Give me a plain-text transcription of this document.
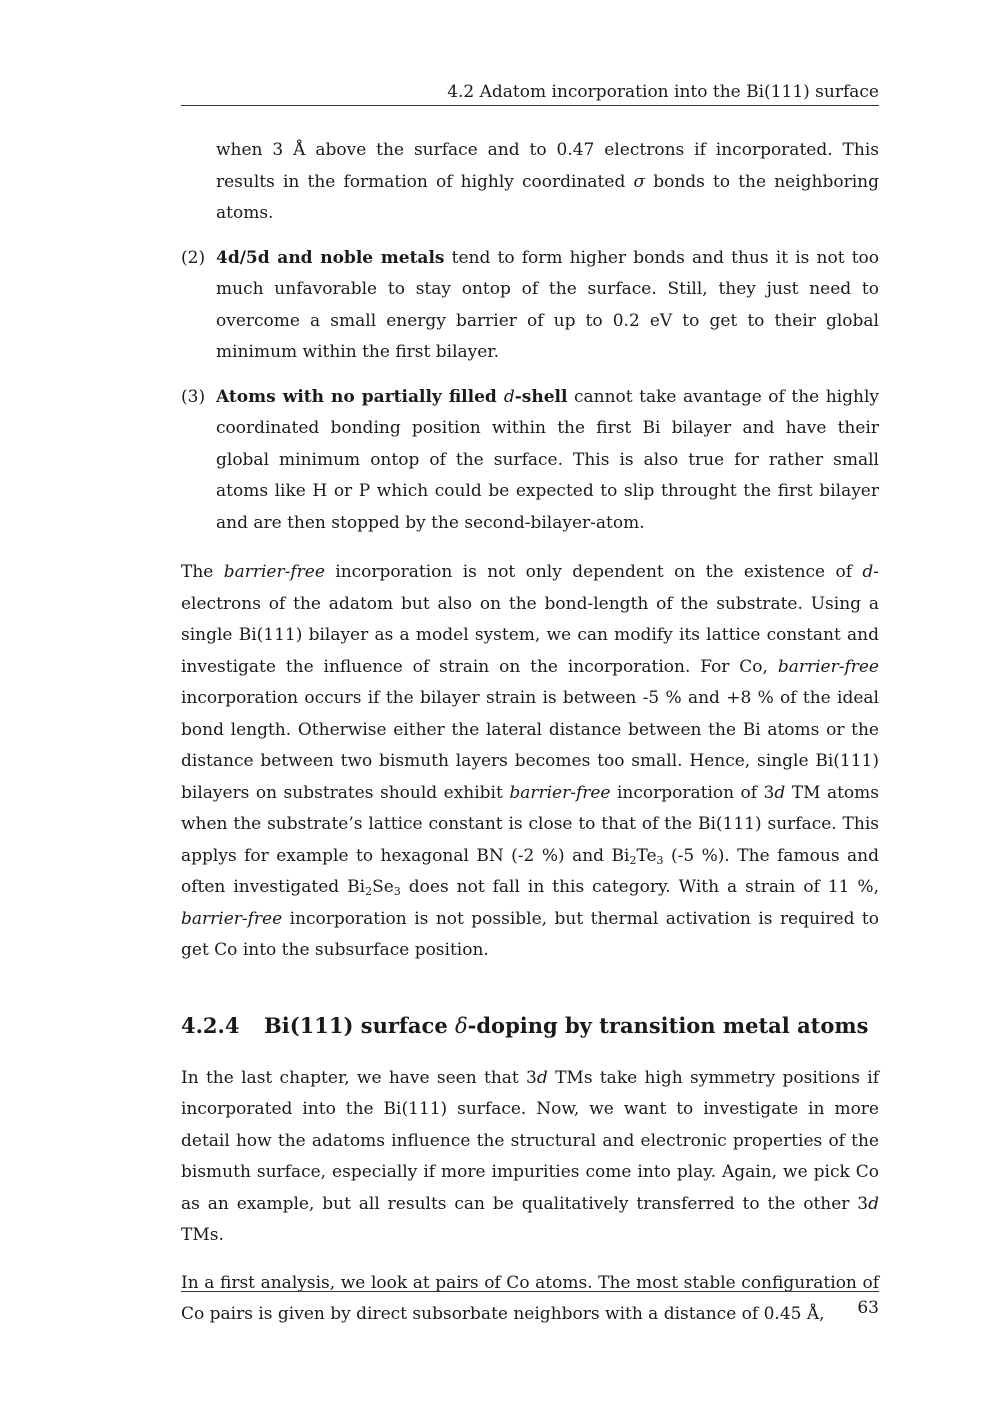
4.2 Adatom incorporation into the Bi(111) surface

when 3 Å above the surface and to 0.47 electrons if incorporated. This results in the formation of highly coordinated σ bonds to the neighboring atoms.

(2) 4d/5d and noble metals tend to form higher bonds and thus it is not too much unfavorable to stay ontop of the surface. Still, they just need to overcome a small energy barrier of up to 0.2 eV to get to their global minimum within the first bilayer.
(3) Atoms with no partially filled d-shell cannot take avantage of the highly coordinated bonding position within the first Bi bilayer and have their global minimum ontop of the surface. This is also true for rather small atoms like H or P which could be expected to slip throught the first bilayer and are then stopped by the second-bilayer-atom.

The barrier-free incorporation is not only dependent on the existence of d-electrons of the adatom but also on the bond-length of the substrate. Using a single Bi(111) bilayer as a model system, we can modify its lattice constant and investigate the influence of strain on the incorporation. For Co, barrier-free incorporation occurs if the bilayer strain is between -5 % and +8 % of the ideal bond length. Otherwise either the lateral distance between the Bi atoms or the distance between two bismuth layers becomes too small. Hence, single Bi(111) bilayers on substrates should exhibit barrier-free incorporation of 3d TM atoms when the substrate’s lattice constant is close to that of the Bi(111) surface. This applys for example to hexagonal BN (-2 %) and $Bi_2Te_3$ (-5 %). The famous and often investigated $Bi_2Se_3$ does not fall in this category. With a strain of 11 %, barrier-free incorporation is not possible, but thermal activation is required to get Co into the subsurface position.

4.2.4 Bi(111) surface δ-doping by transition metal atoms

In the last chapter, we have seen that 3d TMs take high symmetry positions if incorporated into the Bi(111) surface. Now, we want to investigate in more detail how the adatoms influence the structural and electronic properties of the bismuth surface, especially if more impurities come into play. Again, we pick Co as an example, but all results can be qualitatively transferred to the other 3d TMs.

In a first analysis, we look at pairs of Co atoms. The most stable configuration of Co pairs is given by direct subsorbate neighbors with a distance of 0.45 Å,	63
